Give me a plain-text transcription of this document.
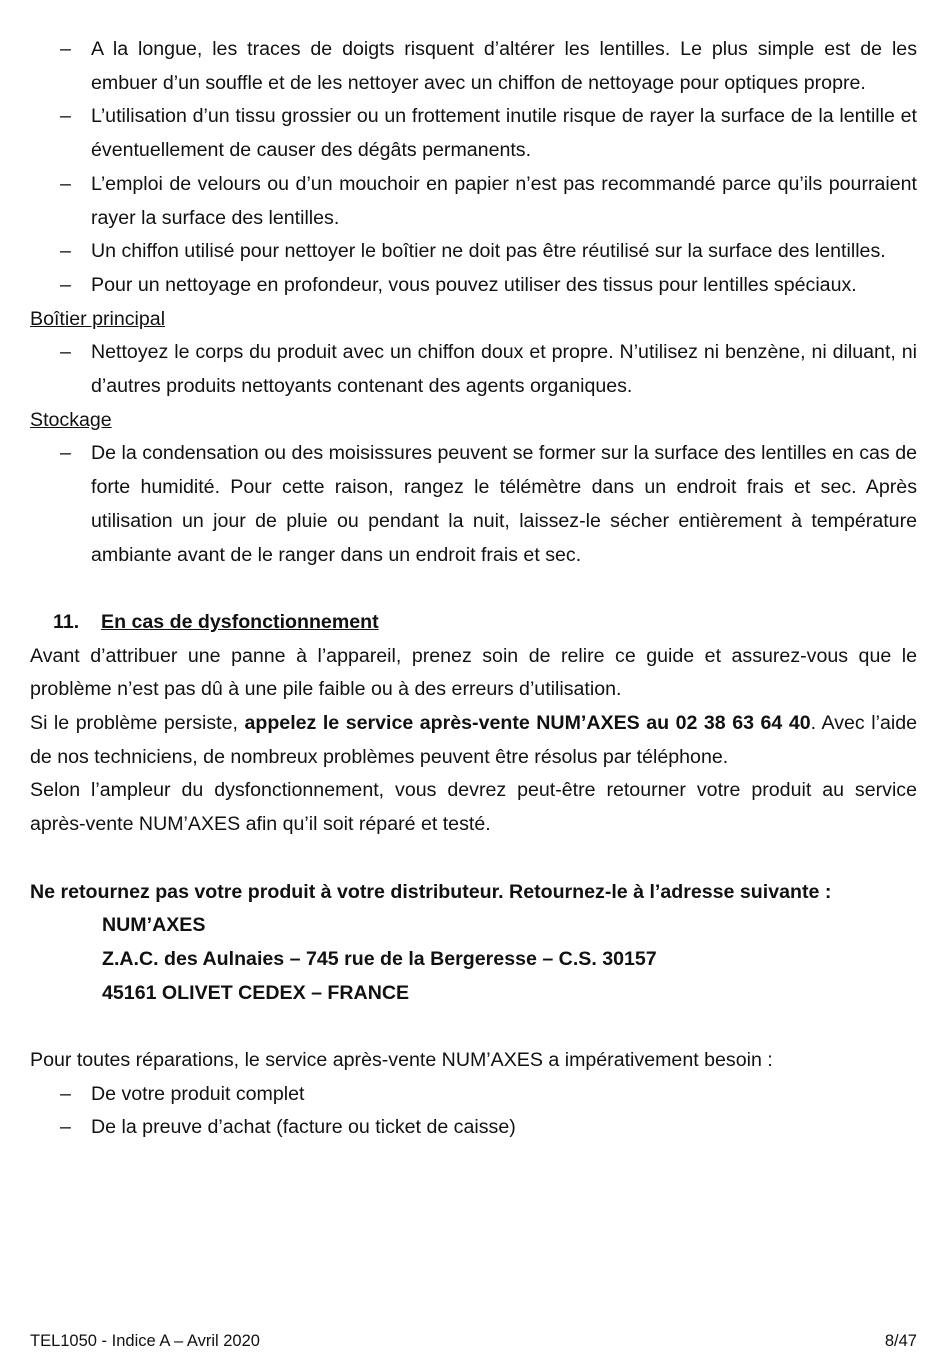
– A la longue, les traces de doigts risquent d’altérer les lentilles. Le plus simple est de les embuer d’un souffle et de les nettoyer avec un chiffon de nettoyage pour optiques propre.
– L’utilisation d’un tissu grossier ou un frottement inutile risque de rayer la surface de la lentille et éventuellement de causer des dégâts permanents.
– L’emploi de velours ou d’un mouchoir en papier n’est pas recommandé parce qu’ils pourraient rayer la surface des lentilles.
– Un chiffon utilisé pour nettoyer le boîtier ne doit pas être réutilisé sur la surface des lentilles.
– Pour un nettoyage en profondeur, vous pouvez utiliser des tissus pour lentilles spéciaux.

Boîtier principal

– Nettoyez le corps du produit avec un chiffon doux et propre. N’utilisez ni benzène, ni diluant, ni d’autres produits nettoyants contenant des agents organiques.

Stockage

– De la condensation ou des moisissures peuvent se former sur la surface des lentilles en cas de forte humidité. Pour cette raison, rangez le télémètre dans un endroit frais et sec. Après utilisation un jour de pluie ou pendant la nuit, laissez-le sécher entièrement à température ambiante avant de le ranger dans un endroit frais et sec.
11. En cas de dysfonctionnement

Avant d’attribuer une panne à l’appareil, prenez soin de relire ce guide et assurez-vous que le problème n’est pas dû à une pile faible ou à des erreurs d’utilisation.

Si le problème persiste, appelez le service après-vente NUM’AXES au 02 38 63 64 40. Avec l’aide de nos techniciens, de nombreux problèmes peuvent être résolus par téléphone.

Selon l’ampleur du dysfonctionnement, vous devrez peut-être retourner votre produit au service après-vente NUM’AXES afin qu’il soit réparé et testé.

Ne retournez pas votre produit à votre distributeur. Retournez-le à l’adresse suivante :

NUM’AXES

Z.A.C. des Aulnaies – 745 rue de la Bergeresse – C.S. 30157

45161 OLIVET CEDEX – FRANCE

Pour toutes réparations, le service après-vente NUM’AXES a impérativement besoin :

– De votre produit complet
– De la preuve d’achat (facture ou ticket de caisse)
TEL1050 - Indice A – Avril 2020	8/47
